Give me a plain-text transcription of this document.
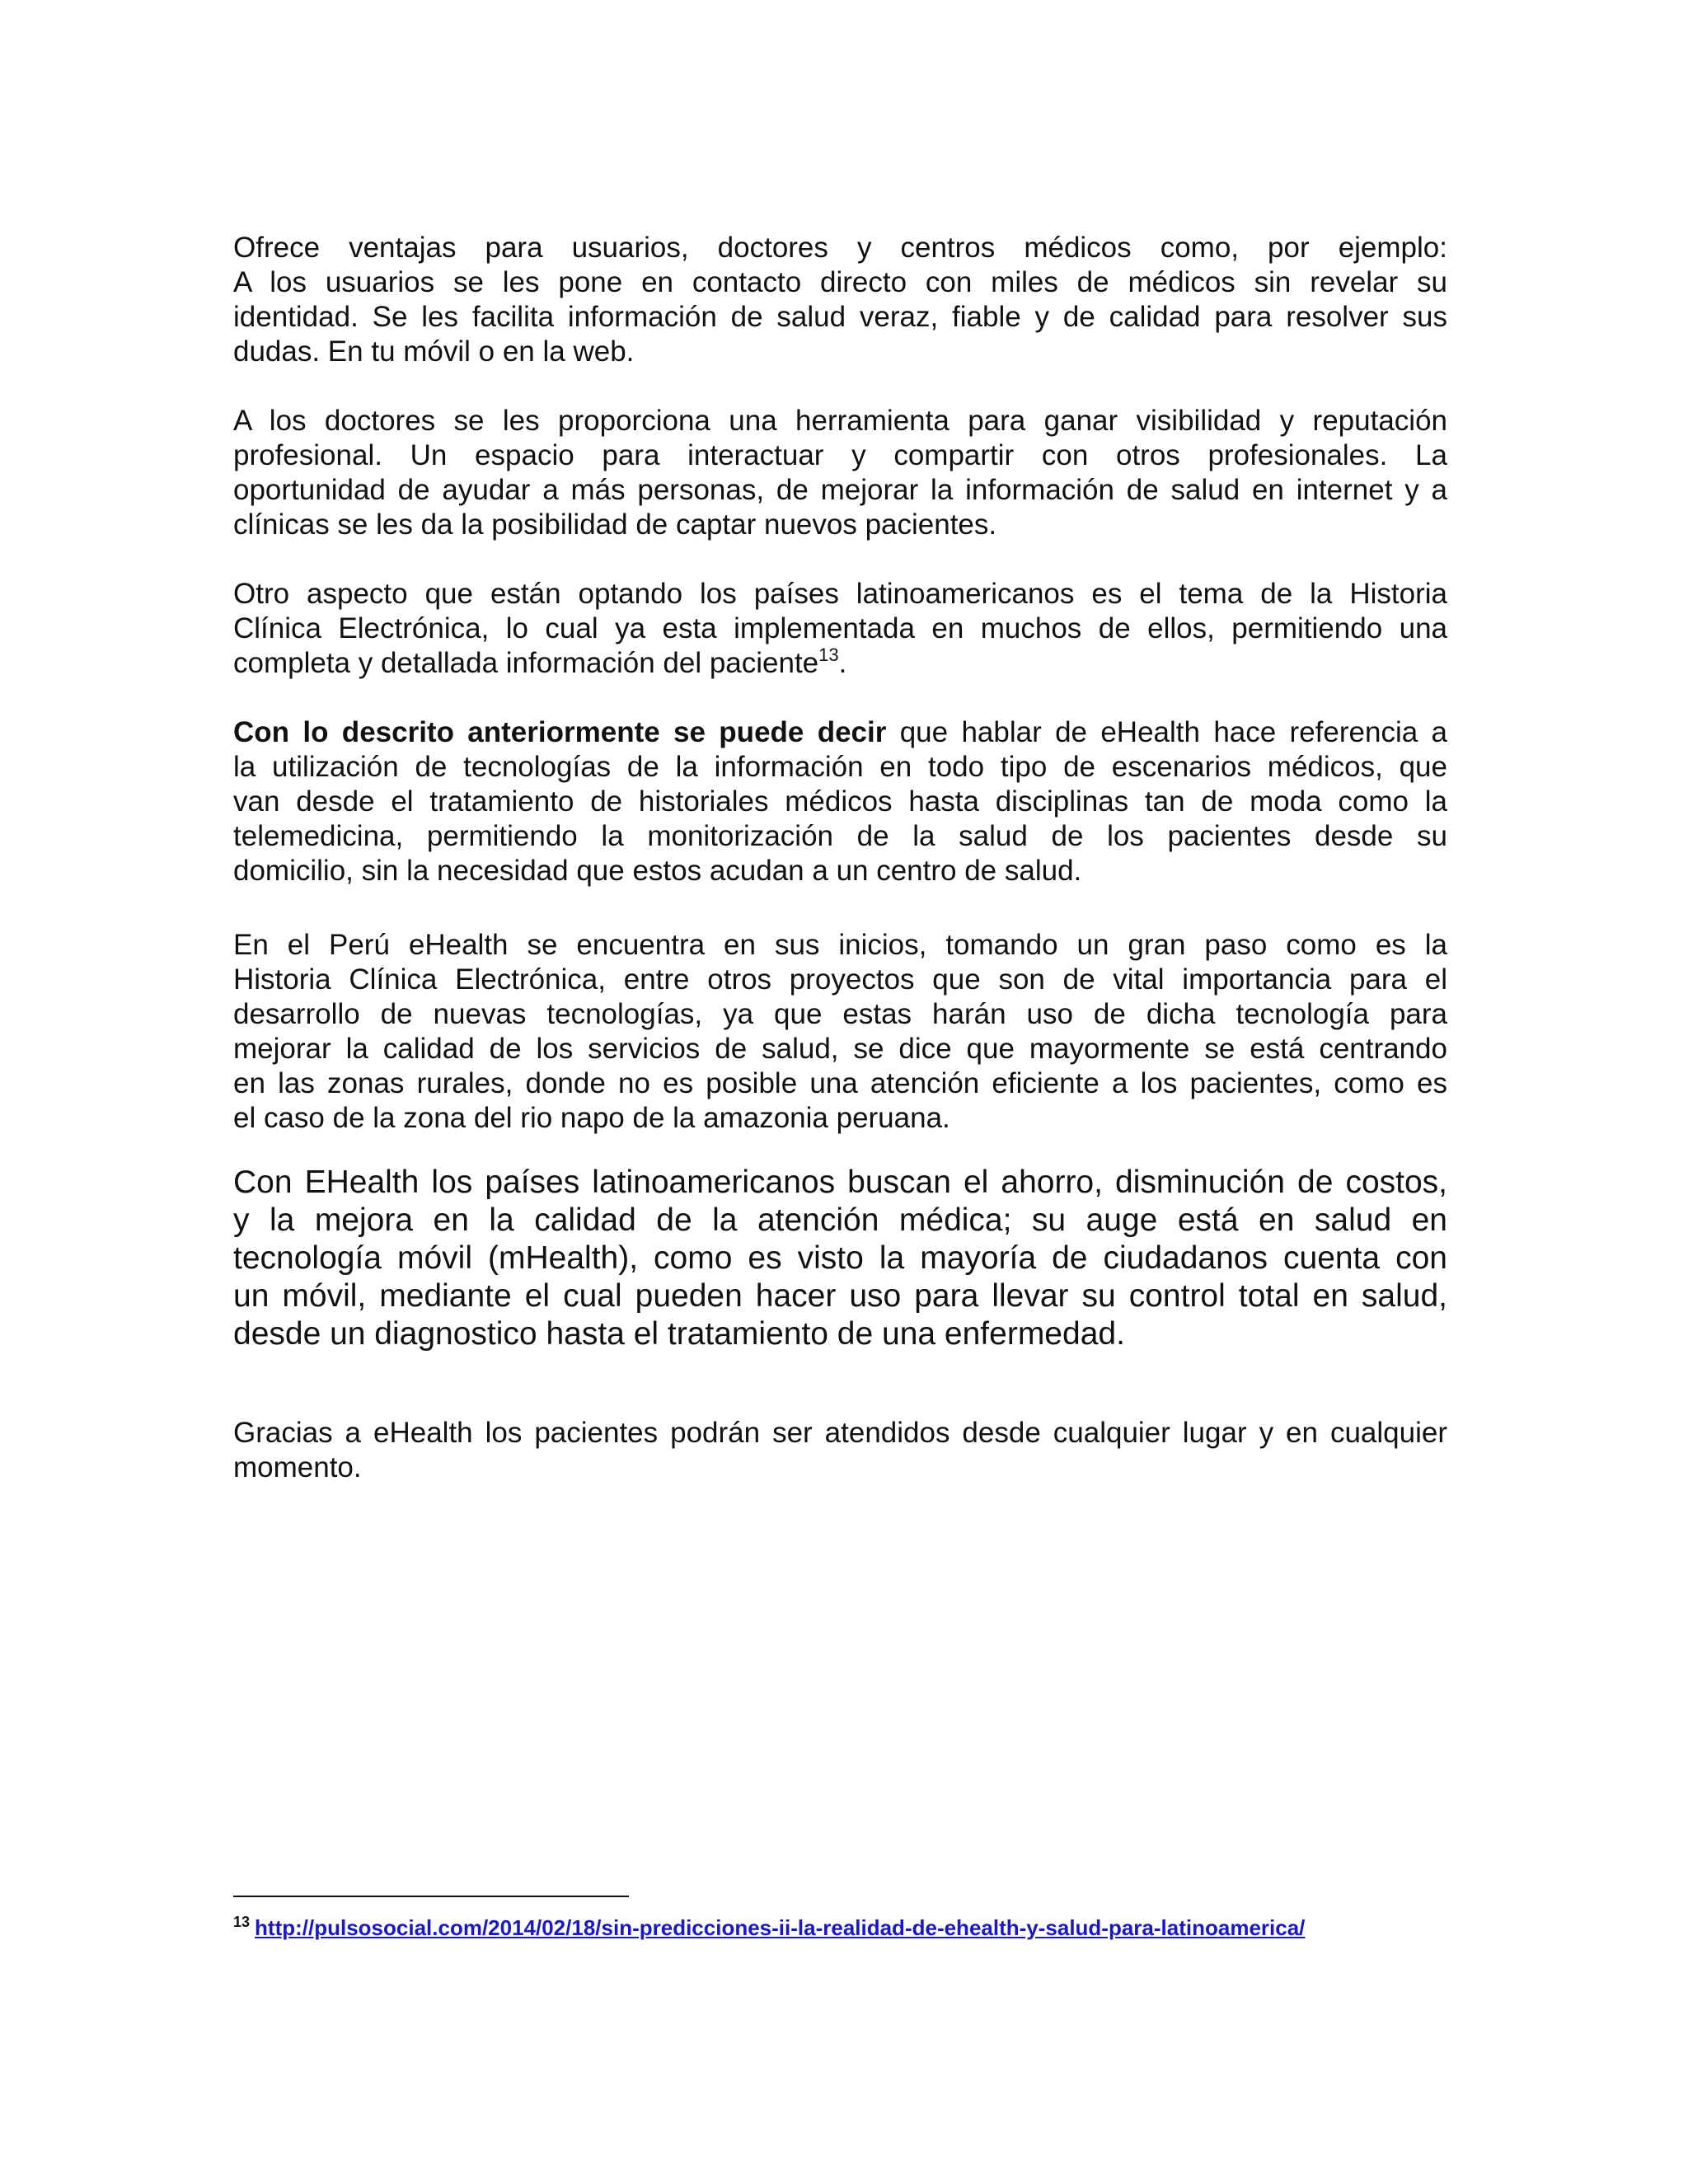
Ofrece ventajas para usuarios, doctores y centros médicos como, por ejemplo:
A los usuarios se les pone en contacto directo con miles de médicos sin revelar su
identidad. Se les facilita información de salud veraz, fiable y de calidad para resolver sus
dudas. En tu móvil o en la web.

A los doctores se les proporciona una herramienta para ganar visibilidad y reputación
profesional. Un espacio para interactuar y compartir con otros profesionales. La
oportunidad de ayudar a más personas, de mejorar la información de salud en internet y a
clínicas se les da la posibilidad de captar nuevos pacientes.

Otro aspecto que están optando los países latinoamericanos es el tema de la Historia
Clínica Electrónica, lo cual ya esta implementada en muchos de ellos, permitiendo una
completa y detallada información del paciente$^{13}$.

Con lo descrito anteriormente se puede decir que hablar de eHealth hace referencia a
la utilización de tecnologías de la información en todo tipo de escenarios médicos, que
van desde el tratamiento de historiales médicos hasta disciplinas tan de moda como la
telemedicina, permitiendo la monitorización de la salud de los pacientes desde su
domicilio, sin la necesidad que estos acudan a un centro de salud.

En el Perú eHealth se encuentra en sus inicios, tomando un gran paso como es la
Historia Clínica Electrónica, entre otros proyectos que son de vital importancia para el
desarrollo de nuevas tecnologías, ya que estas harán uso de dicha tecnología para
mejorar la calidad de los servicios de salud, se dice que mayormente se está centrando
en las zonas rurales, donde no es posible una atención eficiente a los pacientes, como es
el caso de la zona del rio napo de la amazonia peruana.

Con EHealth los países latinoamericanos buscan el ahorro, disminución de costos,
y la mejora en la calidad de la atención médica; su auge está en salud en
tecnología móvil (mHealth), como es visto la mayoría de ciudadanos cuenta con
un móvil, mediante el cual pueden hacer uso para llevar su control total en salud,
desde un diagnostico hasta el tratamiento de una enfermedad.

Gracias a eHealth los pacientes podrán ser atendidos desde cualquier lugar y en cualquier
momento.

$^{13}$ http://pulsosocial.com/2014/02/18/sin-predicciones-ii-la-realidad-de-ehealth-y-salud-para-latinoamerica/
